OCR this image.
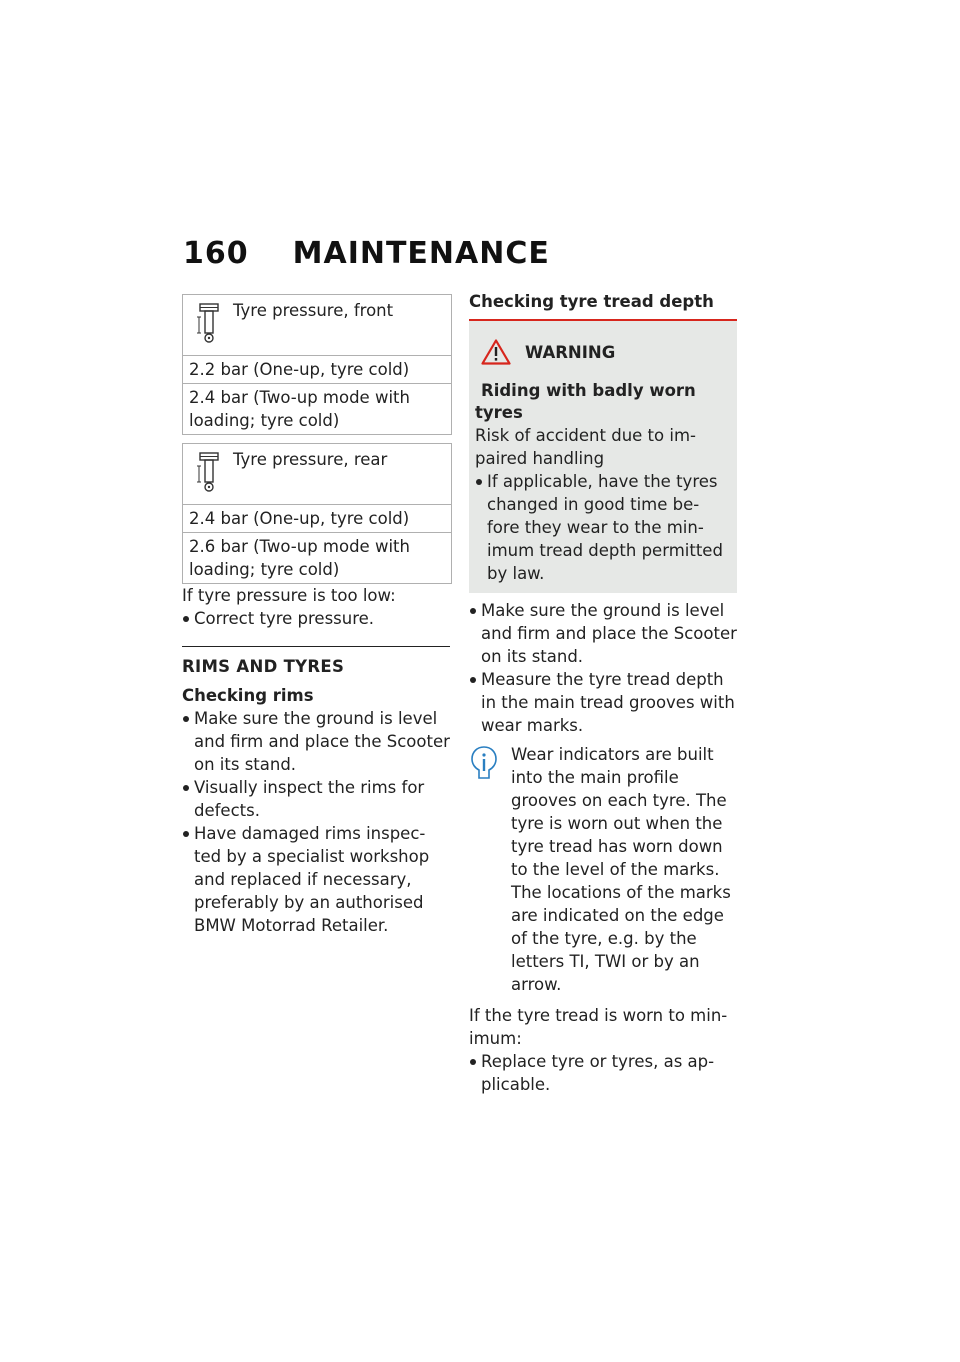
160 MAINTENANCE
Tyre pressure, front
2.2 bar (One-up, tyre cold)
2.4 bar (Two-up mode with loading; tyre cold)
Tyre pressure, rear
2.4 bar (One-up, tyre cold)
2.6 bar (Two-up mode with loading; tyre cold)
If tyre pressure is too low:
Correct tyre pressure.
RIMS AND TYRES
Checking rims
Make sure the ground is level and firm and place the Scooter on its stand.
Visually inspect the rims for defects.
Have damaged rims inspec-ted by a specialist workshop and replaced if necessary, preferably by an authorised BMW Motorrad Retailer.
Checking tyre tread depth
WARNING
Riding with badly worn
tyres
Risk of accident due to im-paired handling
If applicable, have the tyres changed in good time be-fore they wear to the min-imum tread depth permitted by law.
Make sure the ground is level and firm and place the Scooter on its stand.
Measure the tyre tread depth in the main tread grooves with wear marks.
Wear indicators are built into the main profile grooves on each tyre. The tyre is worn out when the tyre tread has worn down to the level of the marks. The locations of the marks are indicated on the edge of the tyre, e.g. by the letters TI, TWI or by an arrow.
If the tyre tread is worn to min-imum:
Replace tyre or tyres, as ap-plicable.
